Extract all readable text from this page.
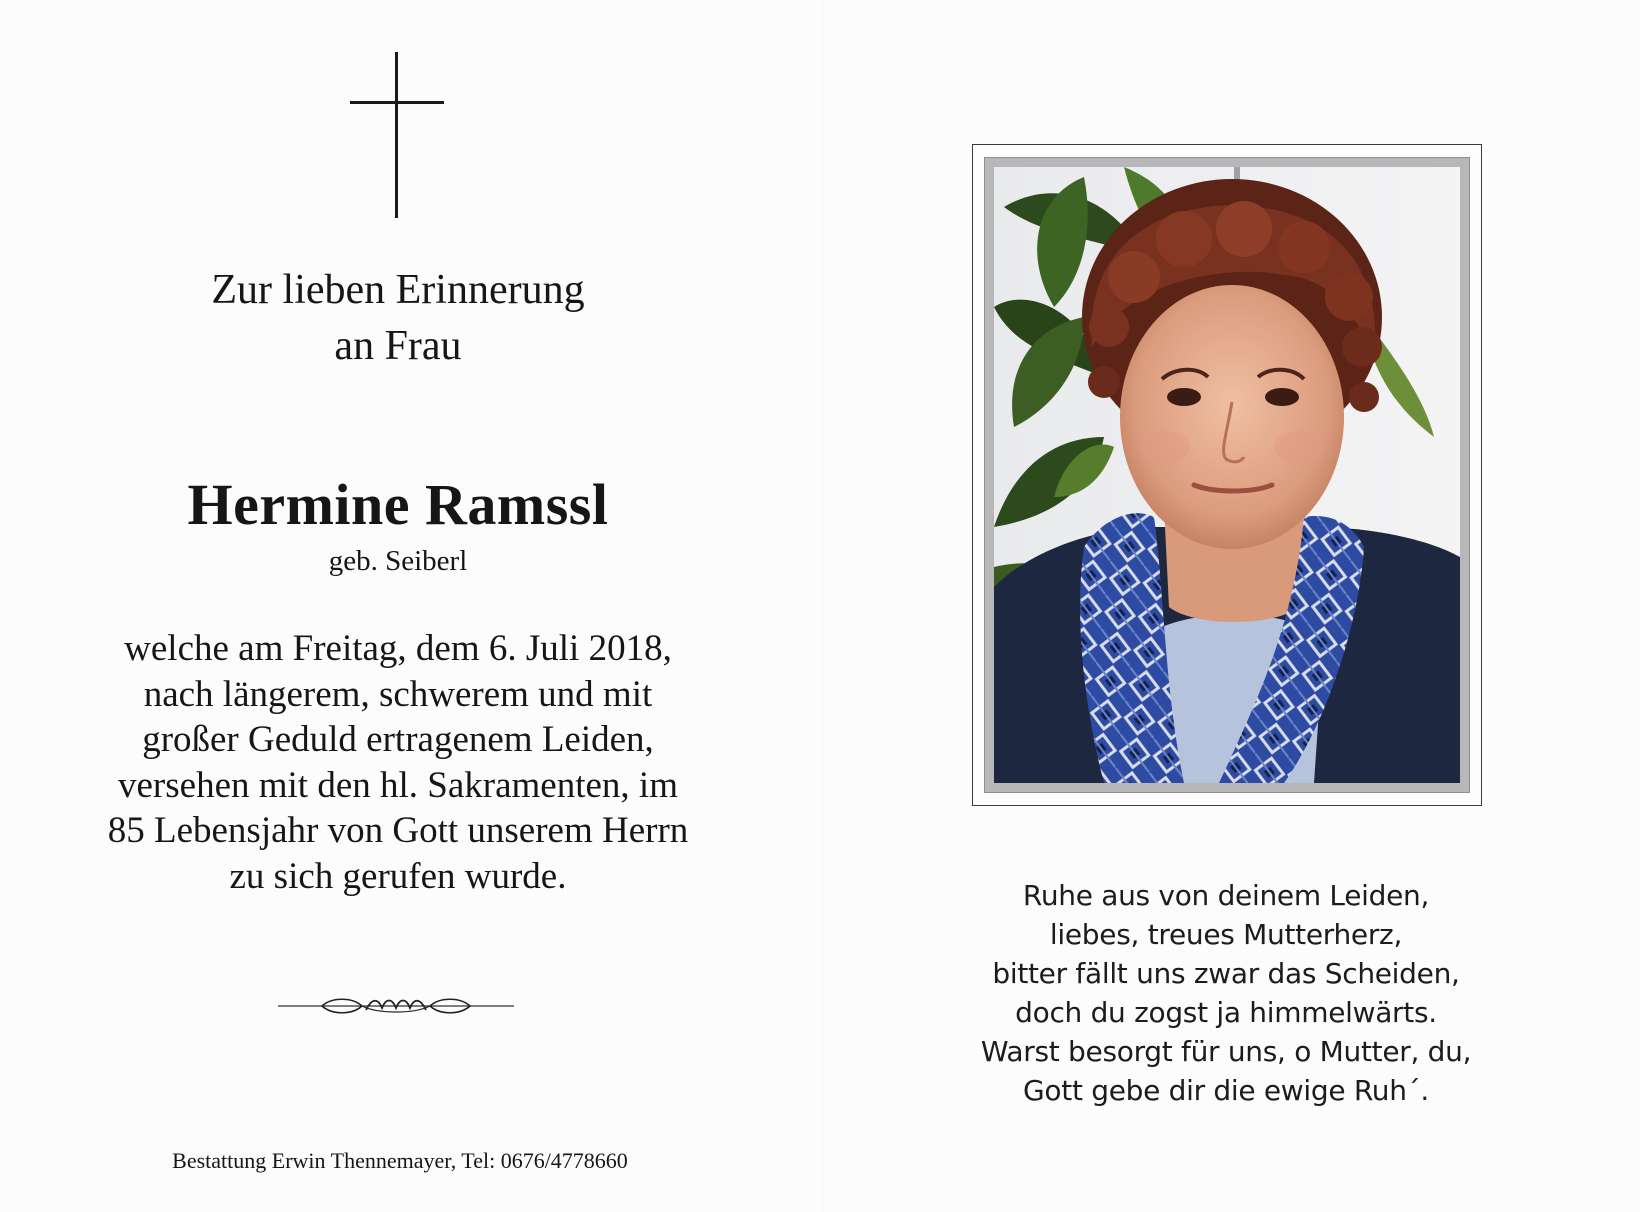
Zur lieben Erinnerung
an Frau
Hermine Ramssl
geb. Seiberl
welche am Freitag, dem 6. Juli 2018,
nach längerem, schwerem und mit
großer Geduld ertragenem Leiden,
versehen mit den hl. Sakramenten, im
85 Lebensjahr von Gott unserem Herrn
zu sich gerufen wurde.
Bestattung Erwin Thennemayer, Tel: 0676/4778660
Ruhe aus von deinem Leiden,
liebes, treues Mutterherz,
bitter fällt uns zwar das Scheiden,
doch du zogst ja himmelwärts.
Warst besorgt für uns, o Mutter, du,
Gott gebe dir die ewige Ruh´.
